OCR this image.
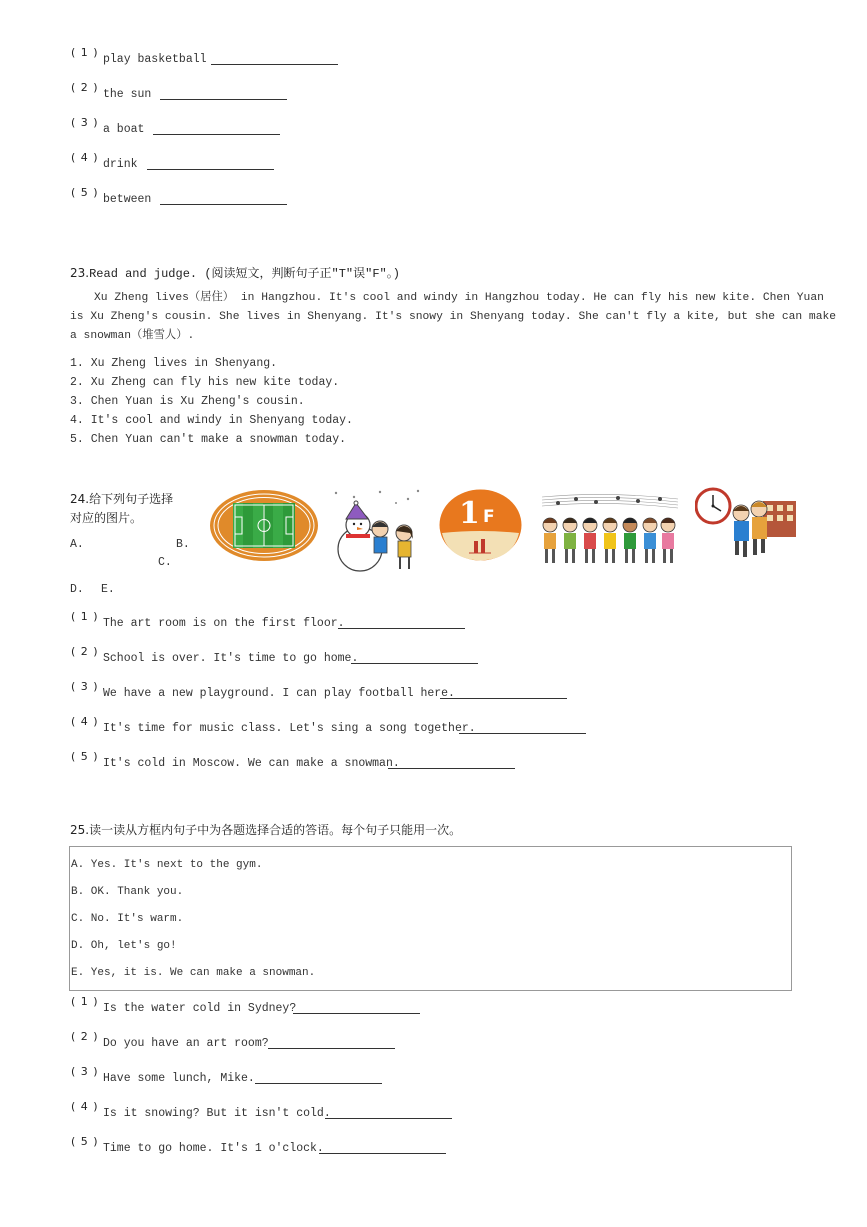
( 1 )
play basketball
( 2 )
the sun
( 3 )
a boat
( 4 )
drink
( 5 )
between
23.Read and judge. (阅读短文，判断句子正"T"误"F"。)
Xu Zheng lives（居住） in Hangzhou. It's cool and windy in Hangzhou today. He can fly his new kite. Chen Yuan
is Xu Zheng's cousin. She lives in Shenyang. It's snowy in Shenyang today. She can't fly a kite, but she can make
a snowman（堆雪人）.
1. Xu Zheng lives in Shenyang.
2. Xu Zheng can fly his new kite today.
3. Chen Yuan is Xu Zheng's cousin.
4. It's cool and windy in Shenyang today.
5. Chen Yuan can't make a snowman today.
24.给下列句子选择
对应的图片。
A.	B.
C.
D. E.
1 F
( 1 )
The art room is on the first floor.
( 2 )
School is over. It's time to go home.
( 3 )
We have a new playground. I can play football here.
( 4 )
It's time for music class. Let's sing a song together.
( 5 )
It's cold in Moscow. We can make a snowman.
25.读一读从方框内句子中为各题选择合适的答语。每个句子只能用一次。
A. Yes. It's next to the gym.
B. OK. Thank you.
C. No. It's warm.
D. Oh, let's go!
E. Yes, it is. We can make a snowman.
( 1 )
Is the water cold in Sydney?
( 2 )
Do you have an art room?
( 3 )
Have some lunch, Mike.
( 4 )
Is it snowing? But it isn't cold.
( 5 )
Time to go home. It's 1 o'clock.
